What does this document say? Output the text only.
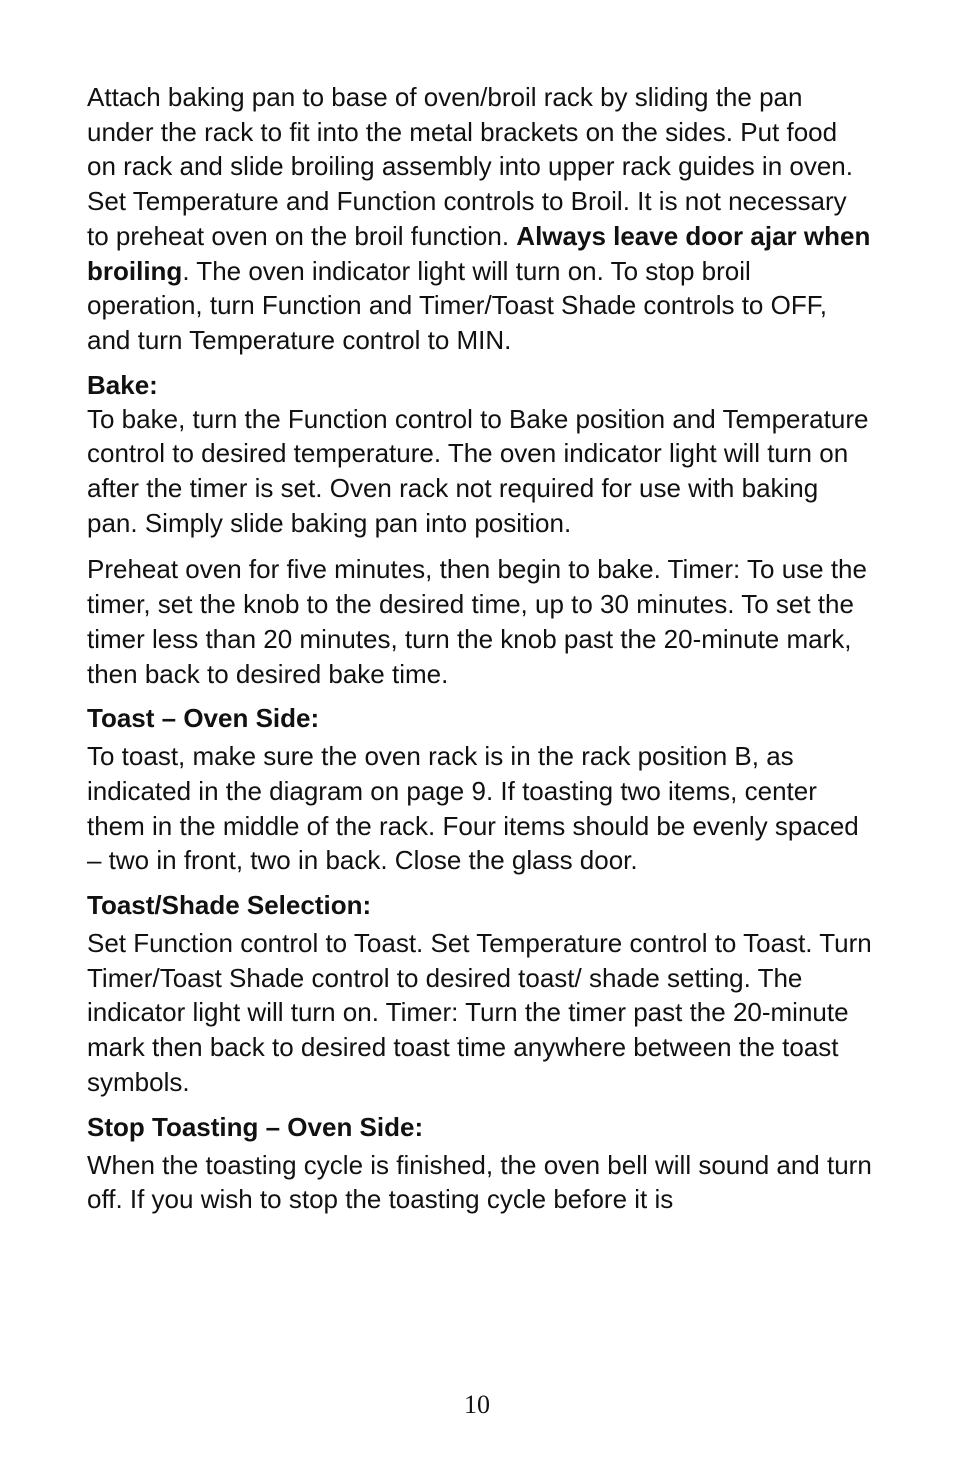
Attach baking pan to base of oven/broil rack by sliding the pan under the rack to fit into the metal brackets on the sides. Put food on rack and slide broiling assembly into upper rack guides in oven. Set Temperature and Function controls to Broil. It is not necessary to preheat oven on the broil function. Always leave door ajar when broiling. The oven indicator light will turn on. To stop broil operation, turn Function and Timer/Toast Shade controls to OFF, and turn Temperature control to MIN.

Bake:

To bake, turn the Function control to Bake position and Temperature control to desired temperature. The oven indicator light will turn on after the timer is set. Oven rack not required for use with baking pan. Simply slide baking pan into position.

Preheat oven for five minutes, then begin to bake. Timer: To use the timer, set the knob to the desired time, up to 30 minutes. To set the timer less than 20 minutes, turn the knob past the 20-minute mark, then back to desired bake time.

Toast – Oven Side:

To toast, make sure the oven rack is in the rack position B, as indicated in the diagram on page 9. If toasting two items, center them in the middle of the rack. Four items should be evenly spaced – two in front, two in back. Close the glass door.

Toast/Shade Selection:

Set Function control to Toast. Set Temperature control to Toast. Turn Timer/Toast Shade control to desired toast/ shade setting. The indicator light will turn on. Timer: Turn the timer past the 20-minute mark then back to desired toast time anywhere between the toast symbols.

Stop Toasting – Oven Side:

When the toasting cycle is finished, the oven bell will sound and turn off. If you wish to stop the toasting cycle before it is

10
